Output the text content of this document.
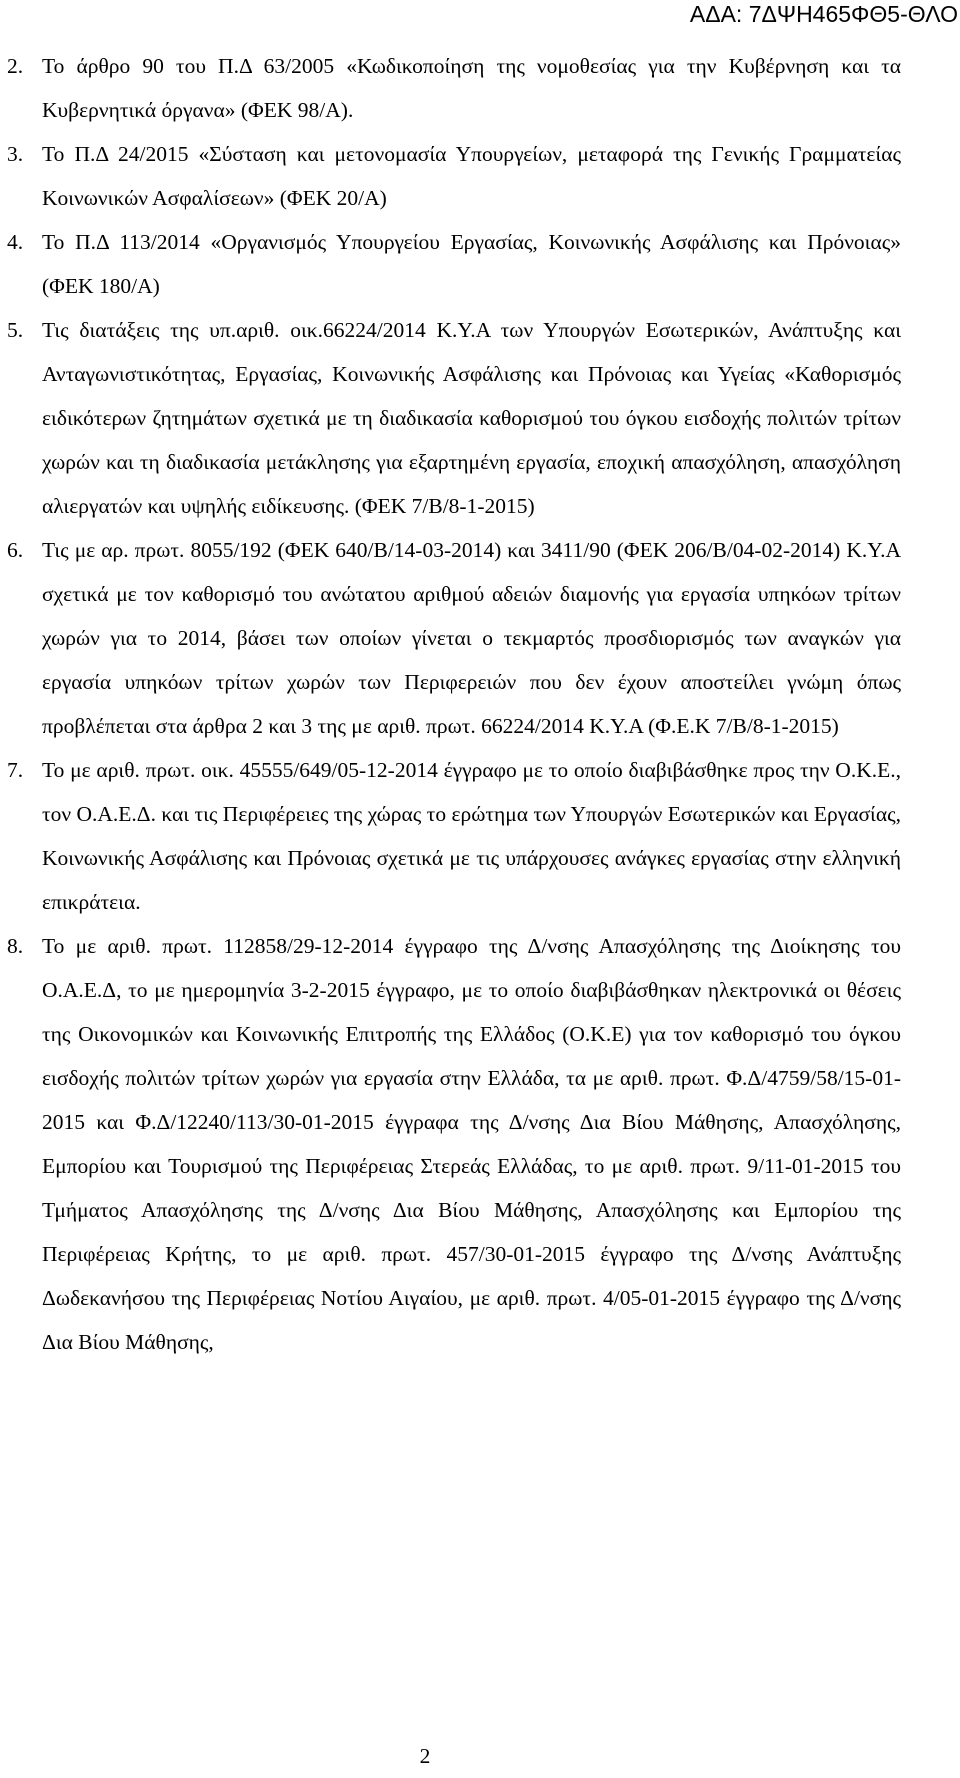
ΑΔΑ: 7ΔΨΗ465ΦΘ5-ΘΛΟ
2. Το άρθρο 90 του Π.Δ 63/2005 «Κωδικοποίηση της νομοθεσίας για την Κυβέρνηση και τα Κυβερνητικά όργανα» (ΦΕΚ 98/Α).
3. Το Π.Δ 24/2015 «Σύσταση και μετονομασία Υπουργείων, μεταφορά της Γενικής Γραμματείας Κοινωνικών Ασφαλίσεων» (ΦΕΚ 20/Α)
4. Το Π.Δ 113/2014 «Οργανισμός Υπουργείου Εργασίας, Κοινωνικής Ασφάλισης και Πρόνοιας» (ΦΕΚ 180/Α)
5. Τις διατάξεις της υπ.αριθ. οικ.66224/2014 Κ.Υ.Α των Υπουργών Εσωτερικών, Ανάπτυξης και Ανταγωνιστικότητας, Εργασίας, Κοινωνικής Ασφάλισης και Πρόνοιας και Υγείας «Καθορισμός ειδικότερων ζητημάτων σχετικά με τη διαδικασία καθορισμού του όγκου εισδοχής πολιτών τρίτων χωρών και τη διαδικασία μετάκλησης για εξαρτημένη εργασία, εποχική απασχόληση, απασχόληση αλιεργατών και υψηλής ειδίκευσης. (ΦΕΚ 7/Β/8-1-2015)
6. Τις με αρ. πρωτ. 8055/192 (ΦΕΚ 640/Β/14-03-2014) και 3411/90 (ΦΕΚ 206/Β/04-02-2014) Κ.Υ.Α σχετικά με τον καθορισμό του ανώτατου αριθμού αδειών διαμονής για εργασία υπηκόων τρίτων χωρών για το 2014, βάσει των οποίων γίνεται ο τεκμαρτός προσδιορισμός των αναγκών για εργασία υπηκόων τρίτων χωρών των Περιφερειών που δεν έχουν αποστείλει γνώμη όπως προβλέπεται στα άρθρα 2 και 3 της με αριθ. πρωτ. 66224/2014 Κ.Υ.Α (Φ.Ε.Κ 7/Β/8-1-2015)
7. Το με αριθ. πρωτ. οικ. 45555/649/05-12-2014 έγγραφο με το οποίο διαβιβάσθηκε προς την Ο.Κ.Ε., τον Ο.Α.Ε.Δ. και τις Περιφέρειες της χώρας το ερώτημα των Υπουργών Εσωτερικών και Εργασίας, Κοινωνικής Ασφάλισης και Πρόνοιας σχετικά με τις υπάρχουσες ανάγκες εργασίας στην ελληνική επικράτεια.
8. Το με αριθ. πρωτ. 112858/29-12-2014 έγγραφο της Δ/νσης Απασχόλησης της Διοίκησης του Ο.Α.Ε.Δ, το με ημερομηνία 3-2-2015 έγγραφο, με το οποίο διαβιβάσθηκαν ηλεκτρονικά οι θέσεις της Οικονομικών και Κοινωνικής Επιτροπής της Ελλάδος (Ο.Κ.Ε) για τον καθορισμό του όγκου εισδοχής πολιτών τρίτων χωρών για εργασία στην Ελλάδα, τα με αριθ. πρωτ. Φ.Δ/4759/58/15-01-2015 και Φ.Δ/12240/113/30-01-2015 έγγραφα της Δ/νσης Δια Βίου Μάθησης, Απασχόλησης, Εμπορίου και Τουρισμού της Περιφέρειας Στερεάς Ελλάδας, το με αριθ. πρωτ. 9/11-01-2015 του Τμήματος Απασχόλησης της Δ/νσης Δια Βίου Μάθησης, Απασχόλησης και Εμπορίου της Περιφέρειας Κρήτης, το με αριθ. πρωτ. 457/30-01-2015 έγγραφο της Δ/νσης Ανάπτυξης Δωδεκανήσου της Περιφέρειας Νοτίου Αιγαίου, με αριθ. πρωτ. 4/05-01-2015 έγγραφο της Δ/νσης Δια Βίου Μάθησης,
2
